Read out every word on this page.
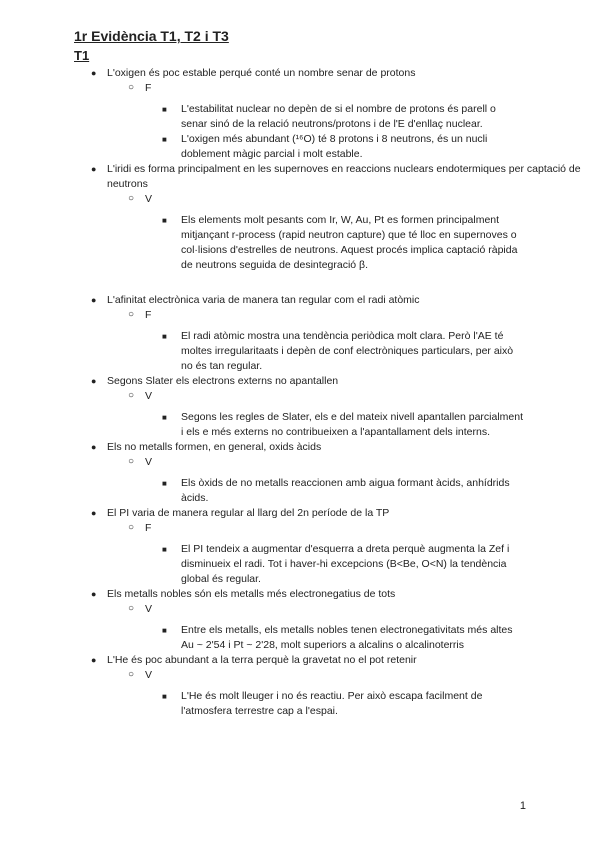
1r Evidència T1, T2 i T3
T1
● L'oxigen és poc estable perqué conté un nombre senar de protons
○ F
■ L'estabilitat nuclear no depèn de si el nombre de protons és parell o senar sinó de la relació neutrons/protons i de l'E d'enllaç nuclear.
■ L'oxigen més abundant (¹⁶O) té 8 protons i 8 neutrons, és un nucli doblement màgic parcial i molt estable.
● L'iridi es forma principalment en les supernoves en reaccions nuclears endotermiques per captació de neutrons
○ V
■ Els elements molt pesants com Ir, W, Au, Pt es formen principalment mitjançant r-process (rapid neutron capture) que té lloc en supernoves o col·lisions d'estrelles de neutrons. Aquest procés implica captació ràpida de neutrons seguida de desintegració β.
● L'afinitat electrònica varia de manera tan regular com el radi atòmic
○ F
■ El radi atòmic mostra una tendència periòdica molt clara. Però l'AE té moltes irregularitaats i depèn de conf electròniques particulars, per això no és tan regular.
● Segons Slater els electrons externs no apantallen
○ V
■ Segons les regles de Slater, els e del mateix nivell apantallen parcialment i els e més externs no contribueixen a l'apantallament dels interns.
● Els no metalls formen, en general, oxids àcids
○ V
■ Els òxids de no metalls reaccionen amb aigua formant àcids, anhídrids àcids.
● El PI varia de manera regular al llarg del 2n període de la TP
○ F
■ El PI tendeix a augmentar d'esquerra a dreta perquè augmenta la Zef i disminueix el radi. Tot i haver-hi excepcions (B<Be, O<N) la tendència global és regular.
● Els metalls nobles són els metalls més electronegatius de tots
○ V
■ Entre els metalls, els metalls nobles tenen electronegativitats més altes Au ~ 2'54 i Pt ~ 2'28, molt superiors a alcalins o alcalinoterris
● L'He és poc abundant a la terra perquè la gravetat no el pot retenir
○ V
■ L'He és molt lleuger i no és reactiu. Per això escapa facilment de l'atmosfera terrestre cap a l'espai.
1
